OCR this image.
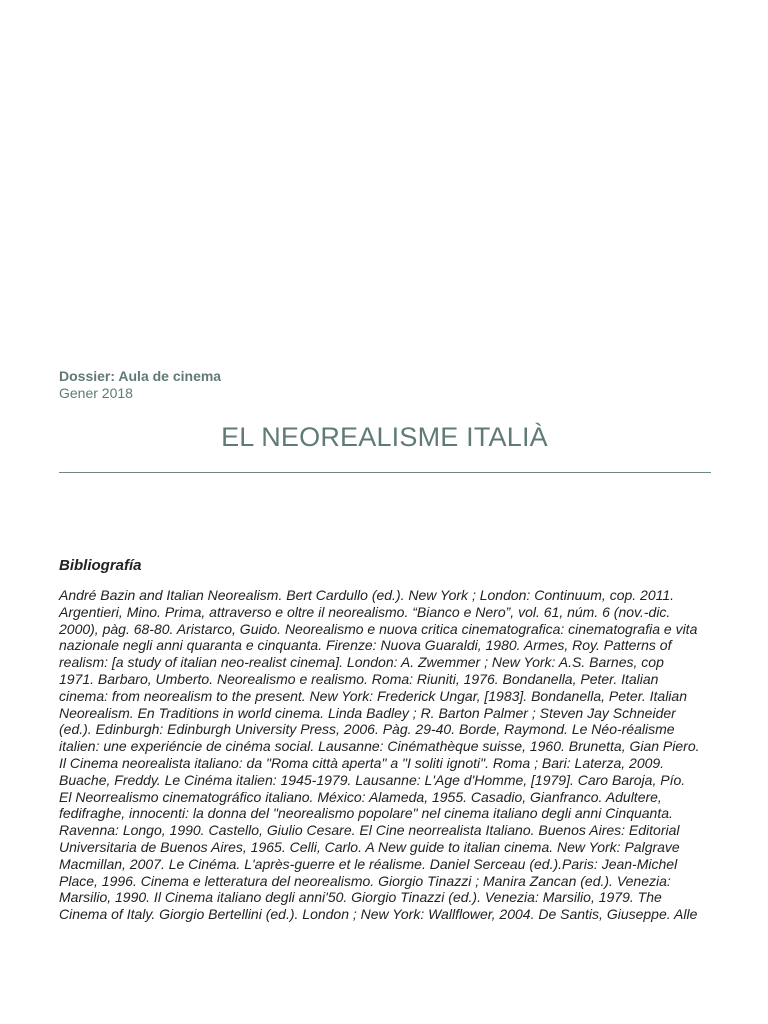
Dossier: Aula de cinema
Gener 2018
EL NEOREALISME ITALIÀ
Bibliografía
André Bazin and Italian Neorealism. Bert Cardullo (ed.). New York ; London: Continuum, cop. 2011.
Argentieri, Mino. Prima, attraverso e oltre il neorealismo. “Bianco e Nero”, vol. 61, núm. 6 (nov.-dic.
2000), pàg. 68-80. Aristarco, Guido. Neorealismo e nuova critica cinematografica: cinematografia e vita
nazionale negli anni quaranta e cinquanta. Firenze: Nuova Guaraldi, 1980. Armes, Roy. Patterns of
realism: [a study of italian neo-realist cinema]. London: A. Zwemmer ; New York: A.S. Barnes, cop
1971. Barbaro, Umberto. Neorealismo e realismo. Roma: Riuniti, 1976. Bondanella, Peter. Italian
cinema: from neorealism to the present. New York: Frederick Ungar, [1983]. Bondanella, Peter. Italian
Neorealism. En Traditions in world cinema. Linda Badley ; R. Barton Palmer ; Steven Jay Schneider
(ed.). Edinburgh: Edinburgh University Press, 2006. Pàg. 29-40. Borde, Raymond. Le Néo-réalisme
italien: une experiéncie de cinéma social. Lausanne: Cinémathèque suisse, 1960. Brunetta, Gian Piero.
Il Cinema neorealista italiano: da "Roma città aperta" a "I soliti ignoti". Roma ; Bari: Laterza, 2009.
Buache, Freddy. Le Cinéma italien: 1945-1979. Lausanne: L'Age d'Homme, [1979]. Caro Baroja, Pío.
El Neorrealismo cinematográfico italiano. México: Alameda, 1955. Casadio, Gianfranco. Adultere,
fedifraghe, innocenti: la donna del "neorealismo popolare" nel cinema italiano degli anni Cinquanta.
Ravenna: Longo, 1990. Castello, Giulio Cesare. El Cine neorrealista Italiano. Buenos Aires: Editorial
Universitaria de Buenos Aires, 1965. Celli, Carlo. A New guide to italian cinema. New York: Palgrave
Macmillan, 2007. Le Cinéma. L'après-guerre et le réalisme. Daniel Serceau (ed.).Paris: Jean-Michel
Place, 1996. Cinema e letteratura del neorealismo. Giorgio Tinazzi ; Manira Zancan (ed.). Venezia:
Marsilio, 1990. Il Cinema italiano degli anni'50. Giorgio Tinazzi (ed.). Venezia: Marsilio, 1979. The
Cinema of Italy. Giorgio Bertellini (ed.). London ; New York: Wallflower, 2004. De Santis, Giuseppe. Alle
